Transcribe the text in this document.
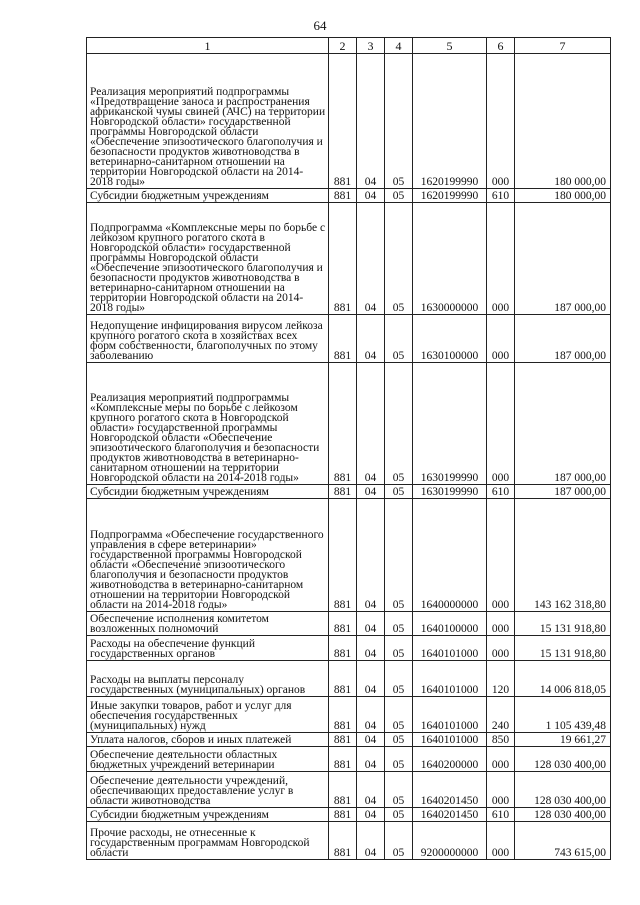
64
1	2	3	4	5	6	7
Реализация мероприятий подпрограммы «Предотвращение заноса и распространения африканской чумы свиней (АЧС) на территории Новгородской области» государственной программы Новгородской области «Обеспечение эпизоотического благополучия и безопасности продуктов животноводства в ветеринарно-санитарном отношении на территории Новгородской области на 2014-2018 годы»	881	04	05	1620199990	000	180 000,00
Субсидии бюджетным учреждениям	881	04	05	1620199990	610	180 000,00
Подпрограмма «Комплексные меры по борьбе с лейкозом крупного рогатого скота в Новгородской области» государственной программы Новгородской области «Обеспечение эпизоотического благополучия и безопасности продуктов животноводства в ветеринарно-санитарном отношении на территории Новгородской области на 2014-2018 годы»	881	04	05	1630000000	000	187 000,00
Недопущение инфицирования вирусом лейкоза крупного рогатого скота в хозяйствах всех форм собственности, благополучных по этому заболеванию	881	04	05	1630100000	000	187 000,00
Реализация мероприятий подпрограммы «Комплексные меры по борьбе с лейкозом крупного рогатого скота в Новгородской области» государственной программы Новгородской области «Обеспечение эпизоотического благополучия и безопасности продуктов животноводства в ветеринарно-санитарном отношении на территории Новгородской области на 2014-2018 годы»	881	04	05	1630199990	000	187 000,00
Субсидии бюджетным учреждениям	881	04	05	1630199990	610	187 000,00
Подпрограмма «Обеспечение государственного управления в сфере ветеринарии» государственной программы Новгородской области «Обеспечение эпизоотического благополучия и безопасности продуктов животноводства в ветеринарно-санитарном отношении на территории Новгородской области на 2014-2018 годы»	881	04	05	1640000000	000	143 162 318,80
Обеспечение исполнения комитетом возложенных полномочий	881	04	05	1640100000	000	15 131 918,80
Расходы на обеспечение функций государственных органов	881	04	05	1640101000	000	15 131 918,80
Расходы на выплаты персоналу государственных (муниципальных) органов	881	04	05	1640101000	120	14 006 818,05
Иные закупки товаров, работ и услуг для обеспечения государственных (муниципальных) нужд	881	04	05	1640101000	240	1 105 439,48
Уплата налогов, сборов и иных платежей	881	04	05	1640101000	850	19 661,27
Обеспечение деятельности областных бюджетных учреждений ветеринарии	881	04	05	1640200000	000	128 030 400,00
Обеспечение деятельности учреждений, обеспечивающих предоставление услуг в области животноводства	881	04	05	1640201450	000	128 030 400,00
Субсидии бюджетным учреждениям	881	04	05	1640201450	610	128 030 400,00
Прочие расходы, не отнесенные к государственным программам Новгородской области	881	04	05	9200000000	000	743 615,00
